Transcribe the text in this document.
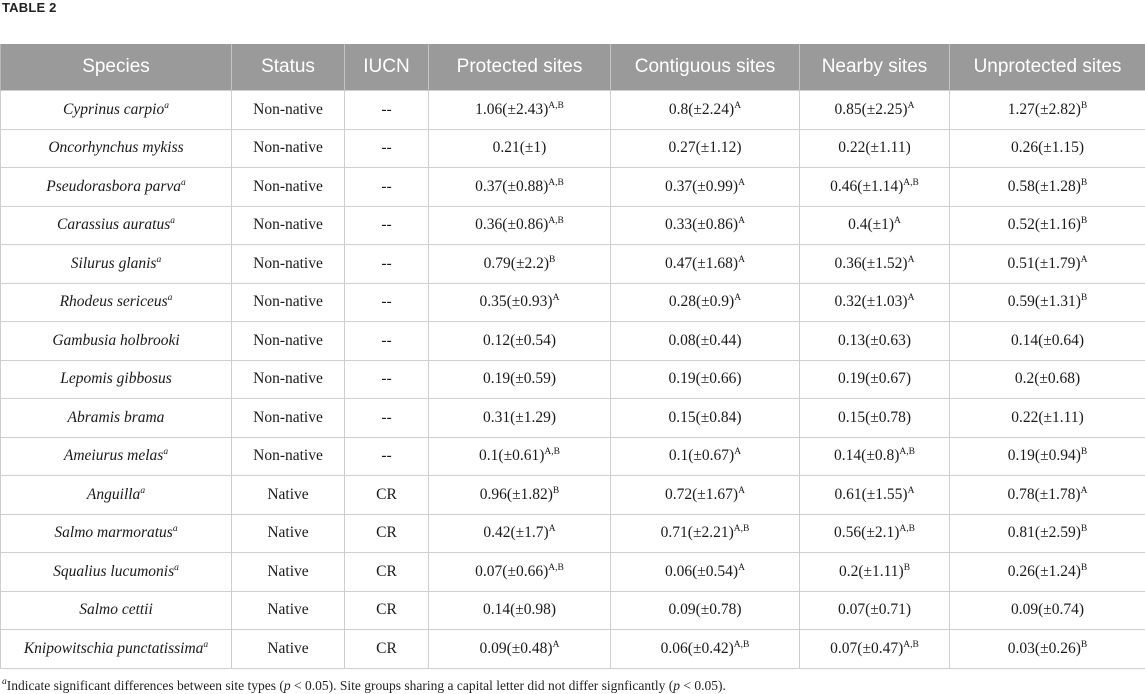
TABLE 2
Species	Status	IUCN	Protected sites	Contiguous sites	Nearby sites	Unprotected sites
Cyprinus carpio$^a$	Non-native	--	$1.06(\pm 2.43)^{A,B}$	$0.8(\pm 2.24)^A$	$0.85(\pm 2.25)^A$	$1.27(\pm 2.82)^B$
Oncorhynchus mykiss	Non-native	--	0.21(±1)	0.27(±1.12)	0.22(±1.11)	0.26(±1.15)
Pseudorasbora parva$^a$	Non-native	--	$0.37(\pm 0.88)^{A,B}$	$0.37(\pm 0.99)^A$	$0.46(\pm 1.14)^{A,B}$	$0.58(\pm 1.28)^B$
Carassius auratus$^a$	Non-native	--	$0.36(\pm 0.86)^{A,B}$	$0.33(\pm 0.86)^A$	$0.4(\pm 1)^A$	$0.52(\pm 1.16)^B$
Silurus glanis$^a$	Non-native	--	$0.79(\pm 2.2)^B$	$0.47(\pm 1.68)^A$	$0.36(\pm 1.52)^A$	$0.51(\pm 1.79)^A$
Rhodeus sericeus$^a$	Non-native	--	$0.35(\pm 0.93)^A$	$0.28(\pm 0.9)^A$	$0.32(\pm 1.03)^A$	$0.59(\pm 1.31)^B$
Gambusia holbrooki	Non-native	--	0.12(±0.54)	0.08(±0.44)	0.13(±0.63)	0.14(±0.64)
Lepomis gibbosus	Non-native	--	0.19(±0.59)	0.19(±0.66)	0.19(±0.67)	0.2(±0.68)
Abramis brama	Non-native	--	0.31(±1.29)	0.15(±0.84)	0.15(±0.78)	0.22(±1.11)
Ameiurus melas$^a$	Non-native	--	$0.1(\pm 0.61)^{A,B}$	$0.1(\pm 0.67)^A$	$0.14(\pm 0.8)^{A,B}$	$0.19(\pm 0.94)^B$
Anguilla$^a$	Native	CR	$0.96(\pm 1.82)^B$	$0.72(\pm 1.67)^A$	$0.61(\pm 1.55)^A$	$0.78(\pm 1.78)^A$
Salmo marmoratus$^a$	Native	CR	$0.42(\pm 1.7)^A$	$0.71(\pm 2.21)^{A,B}$	$0.56(\pm 2.1)^{A,B}$	$0.81(\pm 2.59)^B$
Squalius lucumonis$^a$	Native	CR	$0.07(\pm 0.66)^{A,B}$	$0.06(\pm 0.54)^A$	$0.2(\pm 1.11)^B$	$0.26(\pm 1.24)^B$
Salmo cettii	Native	CR	0.14(±0.98)	0.09(±0.78)	0.07(±0.71)	0.09(±0.74)
Knipowitschia punctatissima$^a$	Native	CR	$0.09(\pm 0.48)^A$	$0.06(\pm 0.42)^{A,B}$	$0.07(\pm 0.47)^{A,B}$	$0.03(\pm 0.26)^B$
$^a$Indicate significant differences between site types (p < 0.05). Site groups sharing a capital letter did not differ signficantly (p < 0.05).
